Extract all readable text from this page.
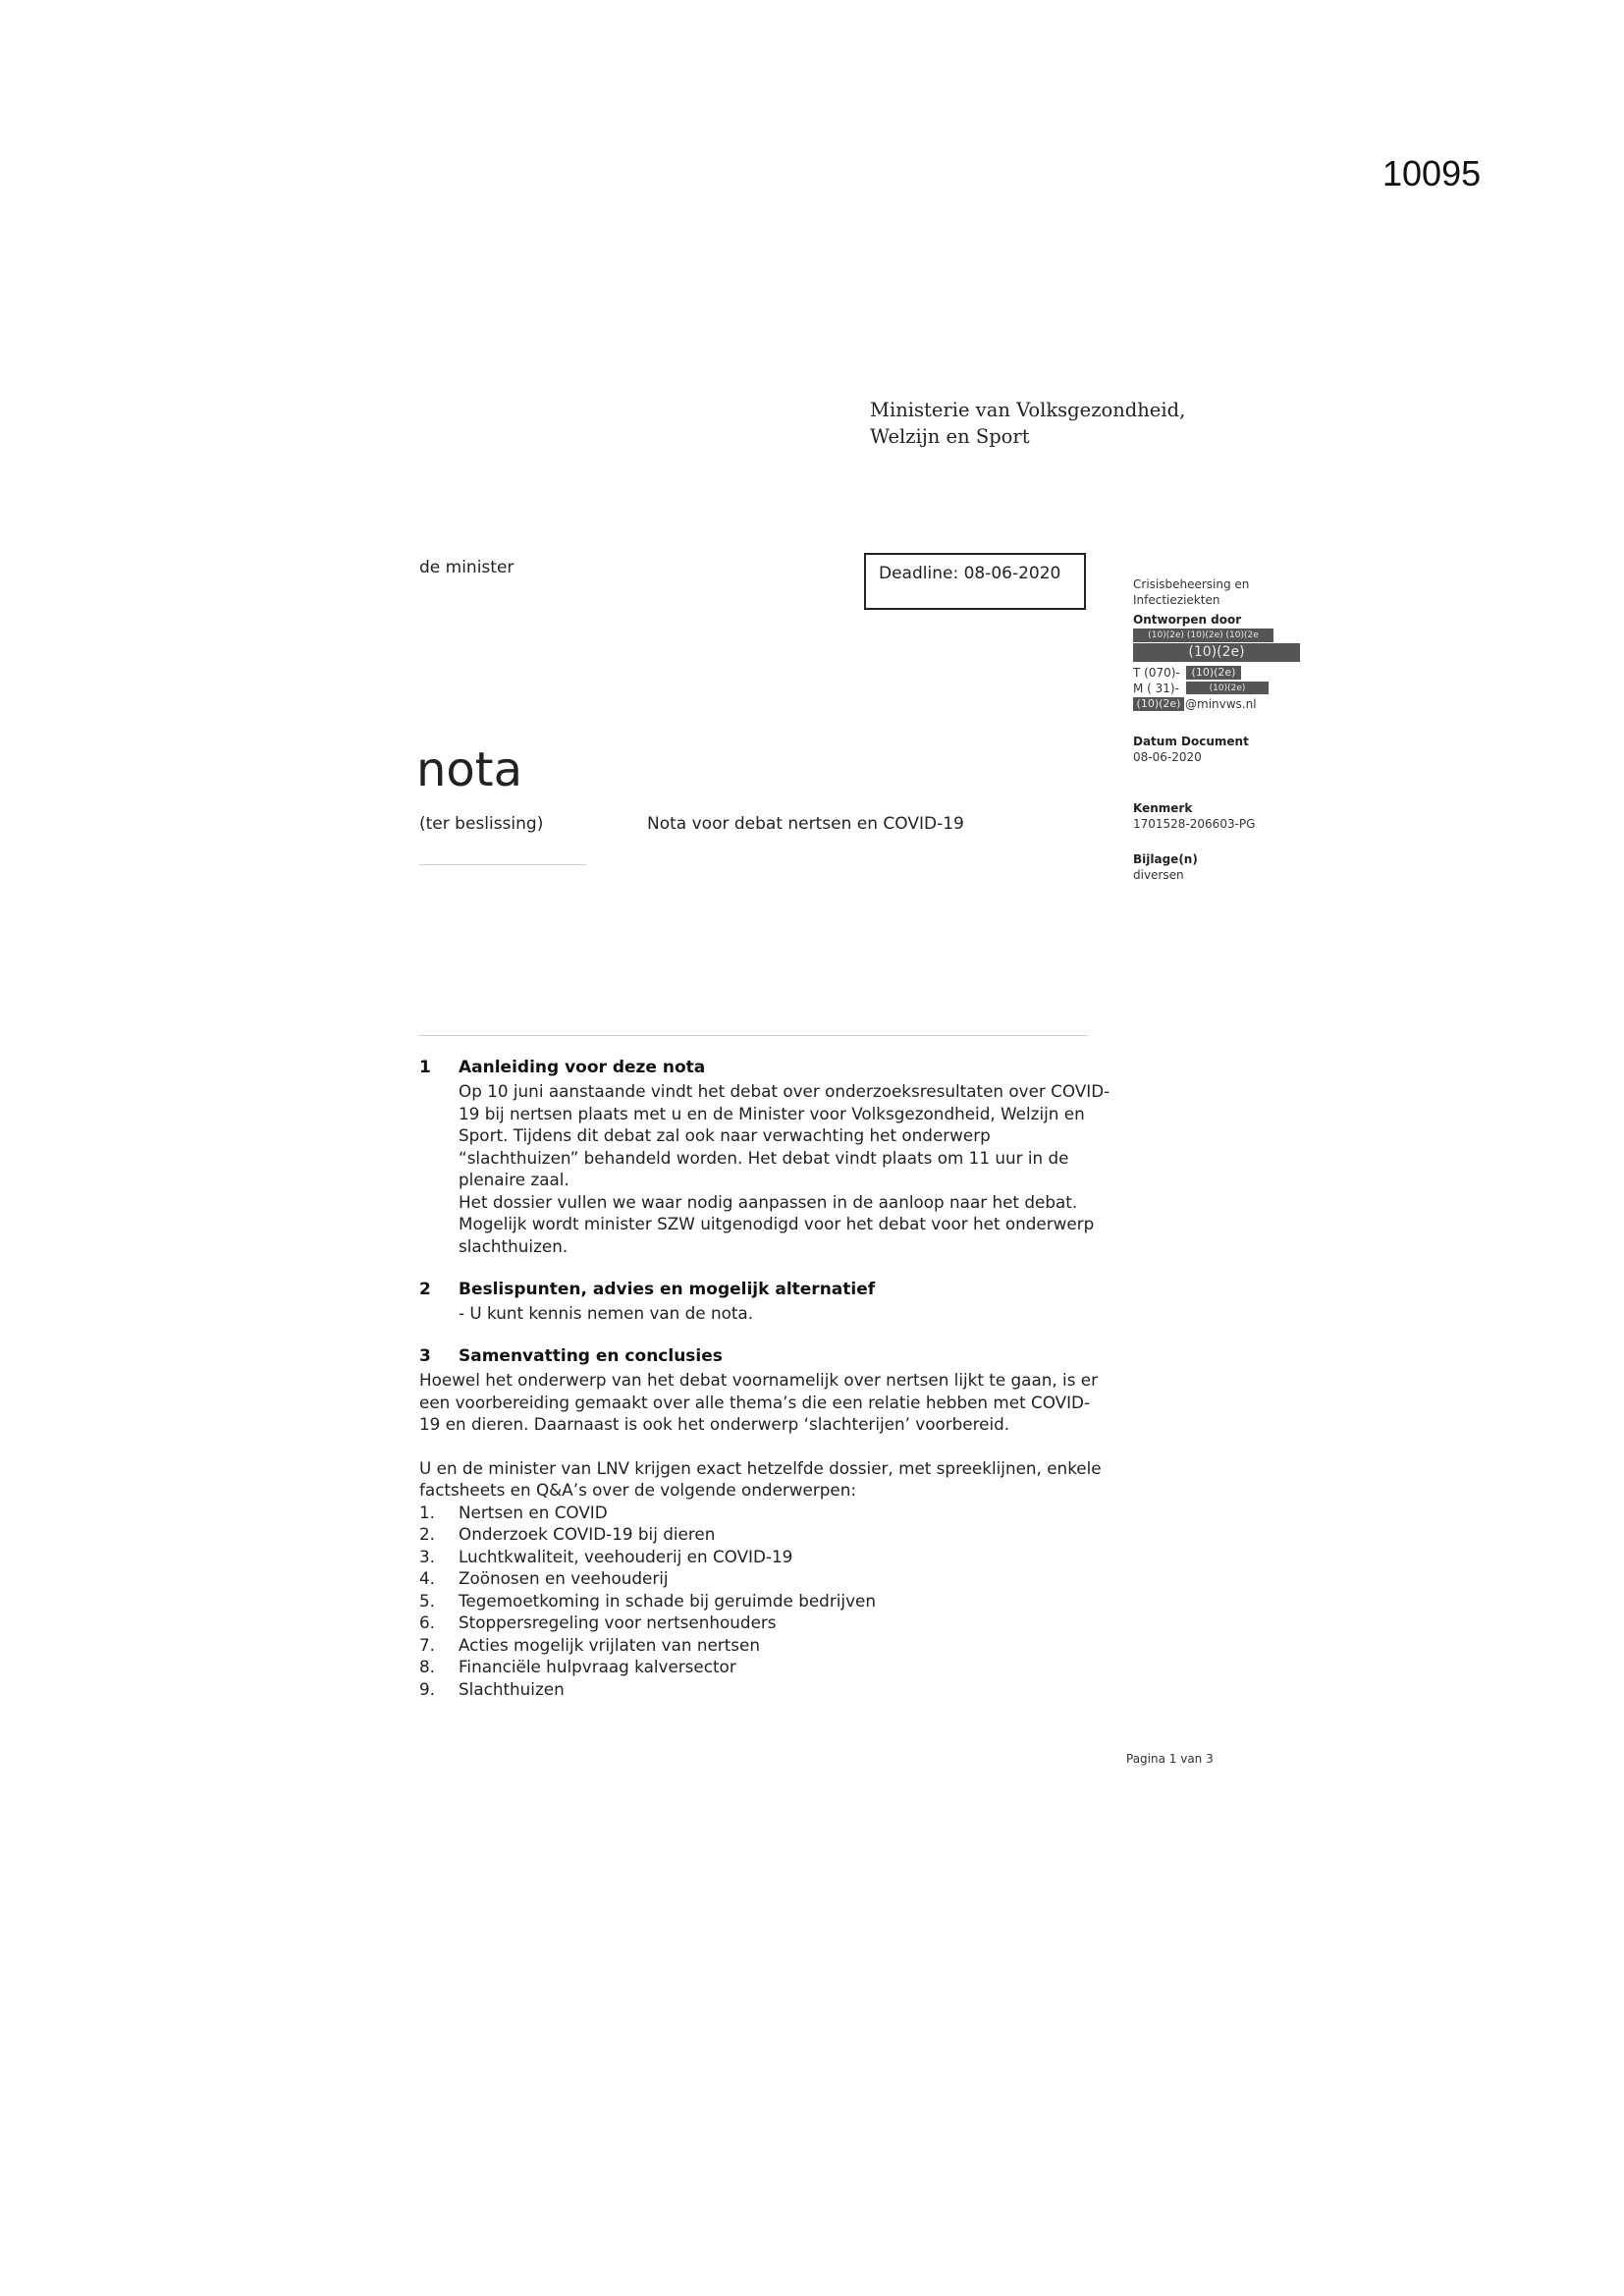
10095
Ministerie van Volksgezondheid,
Welzijn en Sport
de minister	Deadline: 08-06-2020
Crisisbeheersing en
Infectieziekten
Ontworpen door
(10)(2e) (10)(2e) (10)(2e
(10)(2e)
T (070)-	(10)(2e)
M ( 31)-	(10)(2e)
(10)(2e) @minvws.nl
Datum Document
08-06-2020
Kenmerk
1701528-206603-PG
Bijlage(n)
diversen
nota
(ter beslissing)	Nota voor debat nertsen en COVID-19
1 Aanleiding voor deze nota
Op 10 juni aanstaande vindt het debat over onderzoeksresultaten over COVID-
19 bij nertsen plaats met u en de Minister voor Volksgezondheid, Welzijn en
Sport. Tijdens dit debat zal ook naar verwachting het onderwerp
“slachthuizen” behandeld worden. Het debat vindt plaats om 11 uur in de
plenaire zaal.
Het dossier vullen we waar nodig aanpassen in de aanloop naar het debat.
Mogelijk wordt minister SZW uitgenodigd voor het debat voor het onderwerp
slachthuizen.
2 Beslispunten, advies en mogelijk alternatief
- U kunt kennis nemen van de nota.
3 Samenvatting en conclusies
Hoewel het onderwerp van het debat voornamelijk over nertsen lijkt te gaan, is er
een voorbereiding gemaakt over alle thema’s die een relatie hebben met COVID-
19 en dieren. Daarnaast is ook het onderwerp ‘slachterijen’ voorbereid.
U en de minister van LNV krijgen exact hetzelfde dossier, met spreeklijnen, enkele
factsheets en Q&A’s over de volgende onderwerpen:
1. Nertsen en COVID
2. Onderzoek COVID-19 bij dieren
3. Luchtkwaliteit, veehouderij en COVID-19
4. Zoönosen en veehouderij
5. Tegemoetkoming in schade bij geruimde bedrijven
6. Stoppersregeling voor nertsenhouders
7. Acties mogelijk vrijlaten van nertsen
8. Financiële hulpvraag kalversector
9. Slachthuizen
Pagina 1 van 3
